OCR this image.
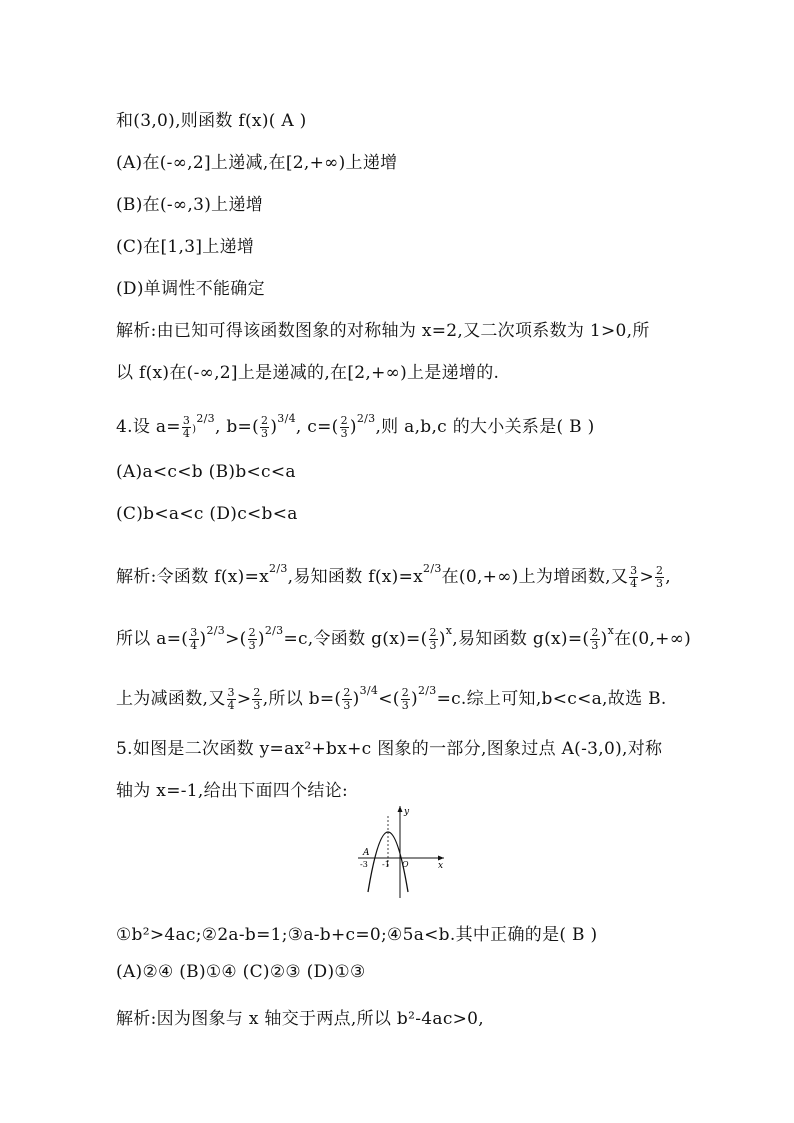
和(3,0),则函数 f(x)( A )
(A)在(-∞,2]上递减,在[2,+∞)上递增
(B)在(-∞,3)上递增
(C)在[1,3]上递增
(D)单调性不能确定
解析:由已知可得该函数图象的对称轴为 x=2,又二次项系数为 1>0,所
以 f(x)在(-∞,2]上是递减的,在[2,+∞)上是递增的.
4.设 $a= \frac{3}{4} )^{2/3}$, $b=( \frac{2}{3} )^{3/4}$, $c=( \frac{2}{3} )^{2/3}$,则 a,b,c 的大小关系是( B )
(A)a<c<b (B)b<c<a
(C)b<a<c (D)c<b<a
解析:令函数 $f(x)=x^{2/3}$,易知函数 $f(x)=x^{2/3}$在(0,+∞)上为增函数,又 $\frac{3}{4} > \frac{2}{3}$ ,
所以 $a=( \frac{3}{4} )^{2/3}>( \frac{2}{3} )^{2/3}=c$,令函数 $g(x)=( \frac{2}{3} )^x$,易知函数 $g(x)=( \frac{2}{3} )^x$在(0,+∞)
上为减函数,又 $\frac{3}{4} > \frac{2}{3}$ ,所以 $b=( \frac{2}{3} )^{3/4}<( \frac{2}{3} )^{2/3}=c$.综上可知,b<c<a,故选 B.
5.如图是二次函数 y=ax²+bx+c 图象的一部分,图象过点 A(-3,0),对称
轴为 x=-1,给出下面四个结论:
y
x
A
-3 -1 O
①b²>4ac;②2a-b=1;③a-b+c=0;④5a<b.其中正确的是( B )
(A)②④ (B)①④ (C)②③ (D)①③
解析:因为图象与 x 轴交于两点,所以 b²-4ac>0,
